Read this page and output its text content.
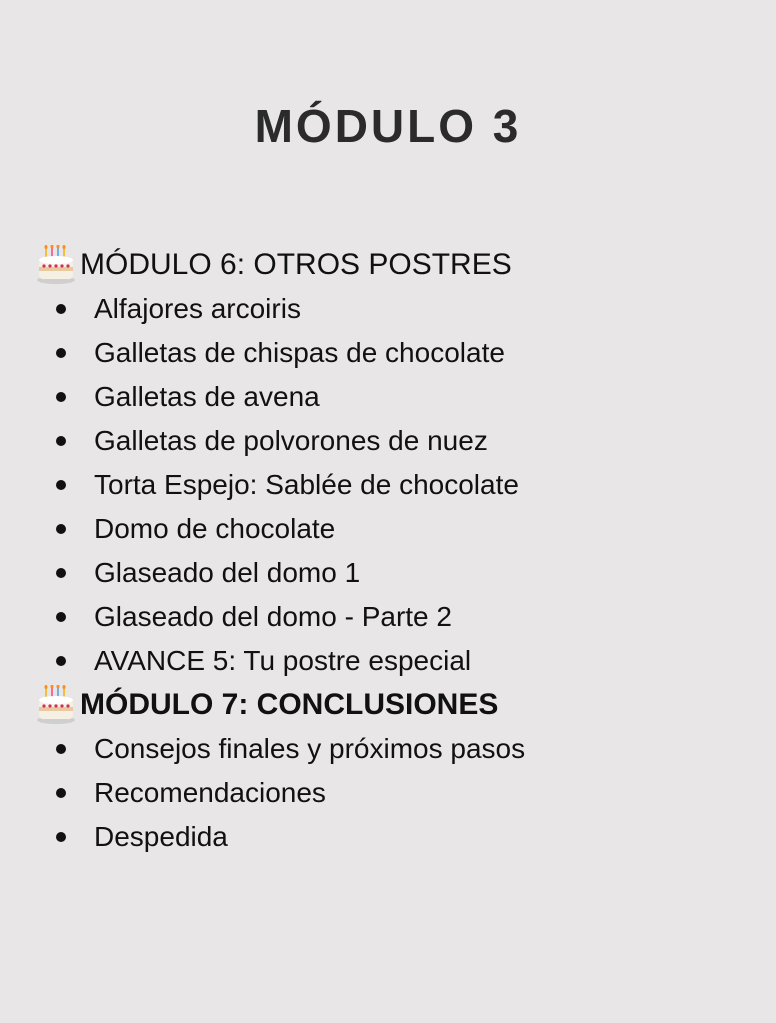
MÓDULO 3
MÓDULO 6: OTROS POSTRES
Alfajores arcoiris
Galletas de chispas de chocolate
Galletas de avena
Galletas de polvorones de nuez
Torta Espejo: Sablée de chocolate
Domo de chocolate
Glaseado del domo 1
Glaseado del domo - Parte 2
AVANCE 5: Tu postre especial
MÓDULO 7: CONCLUSIONES
Consejos finales y próximos pasos
Recomendaciones
Despedida
